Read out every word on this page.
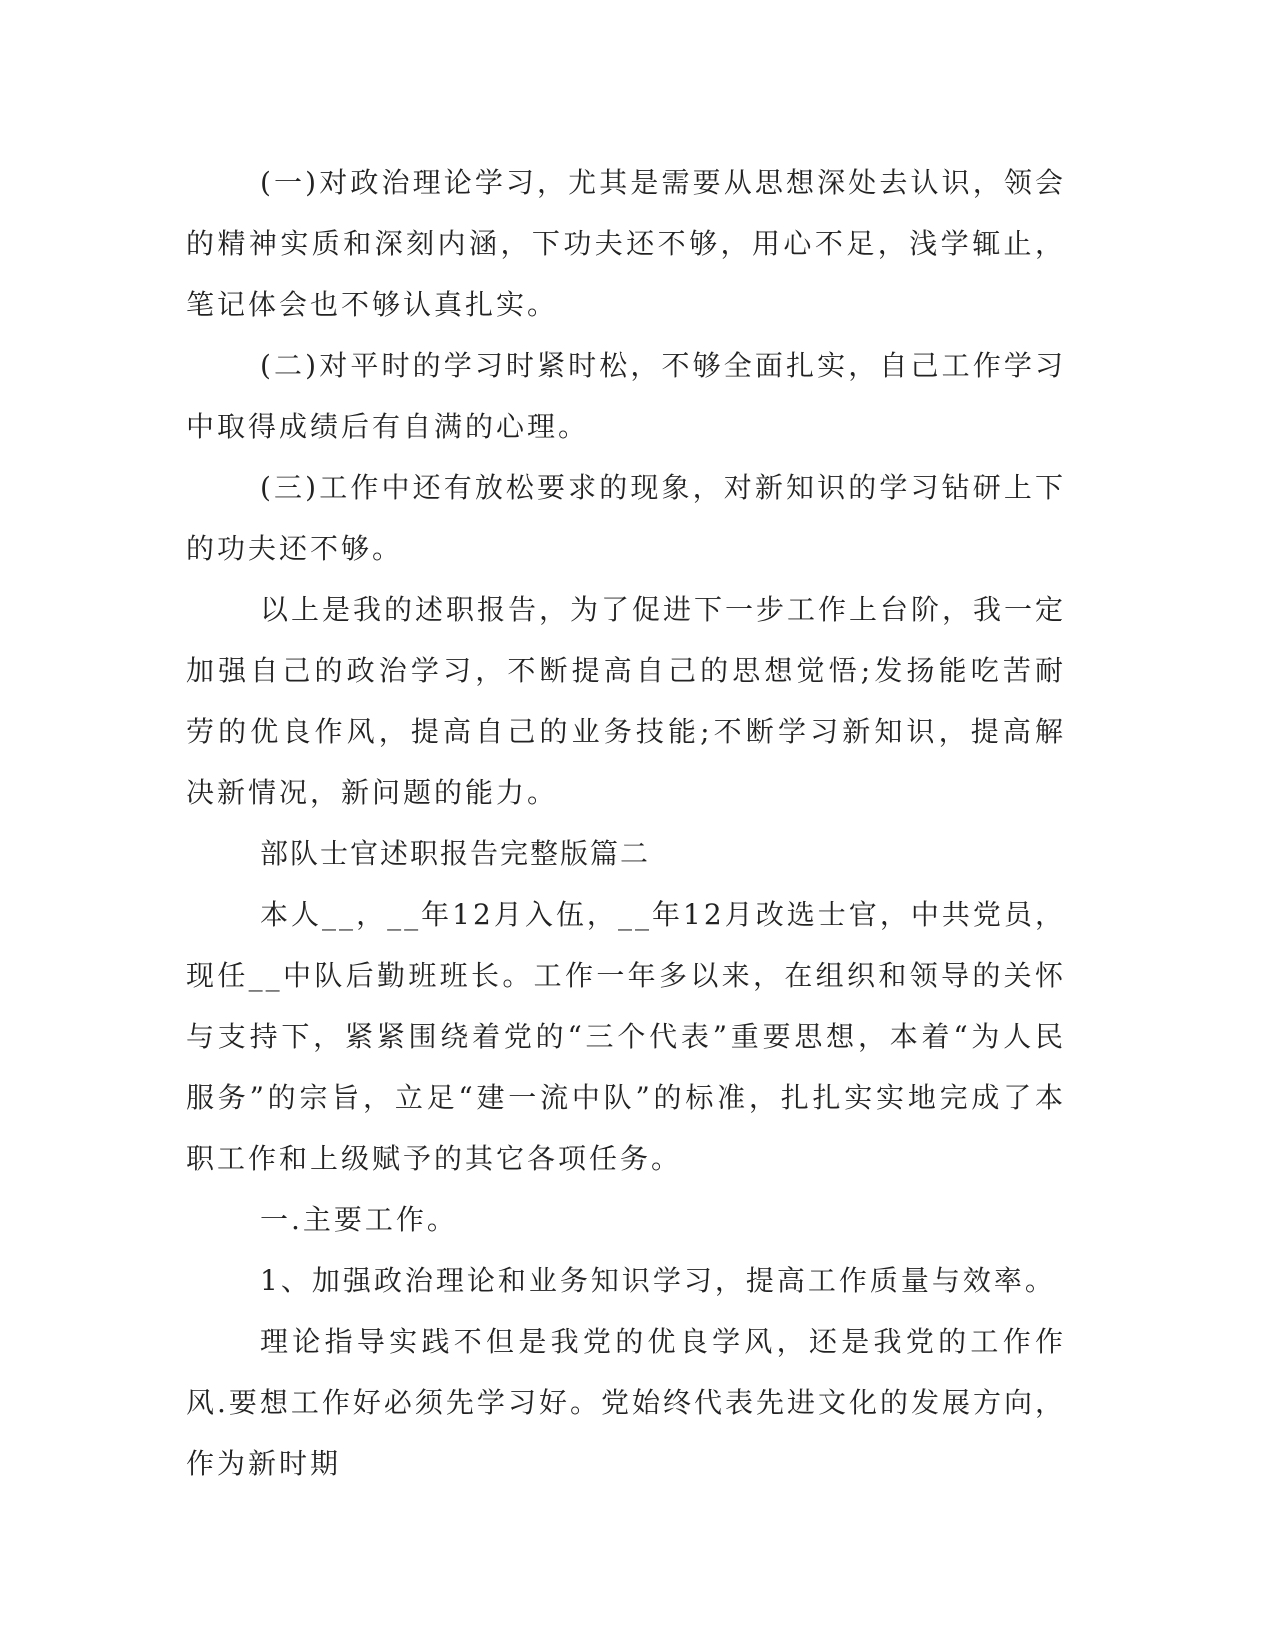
(一)对政治理论学习，尤其是需要从思想深处去认识，领会的精神实质和深刻内涵，下功夫还不够，用心不足，浅学辄止，笔记体会也不够认真扎实。

(二)对平时的学习时紧时松，不够全面扎实，自己工作学习中取得成绩后有自满的心理。

(三)工作中还有放松要求的现象，对新知识的学习钻研上下的功夫还不够。

以上是我的述职报告，为了促进下一步工作上台阶，我一定加强自己的政治学习，不断提高自己的思想觉悟;发扬能吃苦耐劳的优良作风，提高自己的业务技能;不断学习新知识，提高解决新情况，新问题的能力。

部队士官述职报告完整版篇二

本人__，__年12月入伍，__年12月改选士官，中共党员，现任__中队后勤班班长。工作一年多以来，在组织和领导的关怀与支持下，紧紧围绕着党的“三个代表”重要思想，本着“为人民服务”的宗旨，立足“建一流中队”的标准，扎扎实实地完成了本职工作和上级赋予的其它各项任务。

一.主要工作。

1、加强政治理论和业务知识学习，提高工作质量与效率。

理论指导实践不但是我党的优良学风，还是我党的工作作风.要想工作好必须先学习好。党始终代表先进文化的发展方向，作为新时期
